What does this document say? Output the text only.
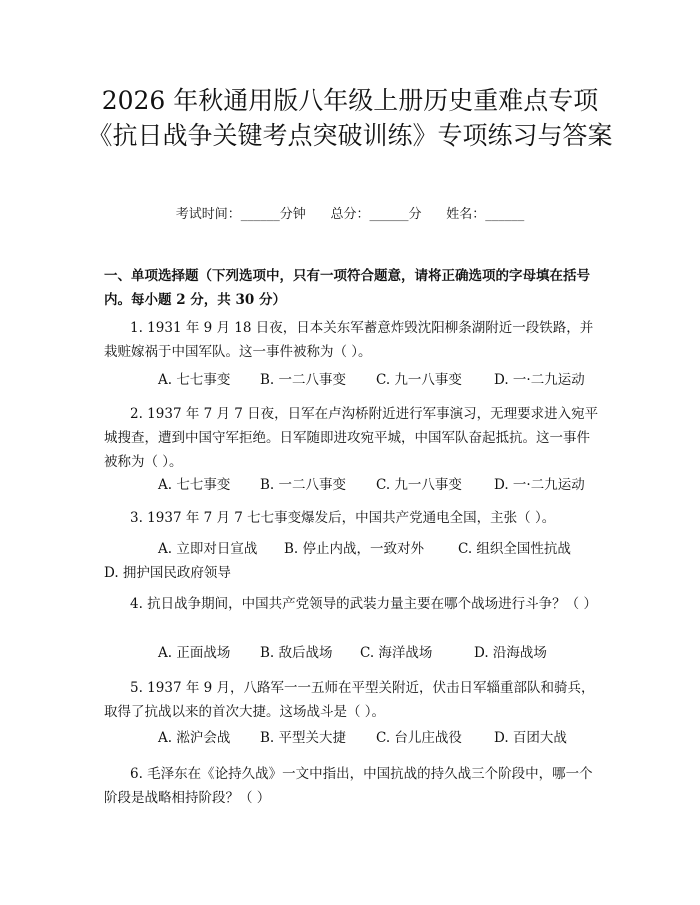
2026 年秋通用版八年级上册历史重难点专项《抗日战争关键考点突破训练》专项练习与答案
考试时间：______分钟      总分：______分      姓名：______

一、单项选择题（下列选项中，只有一项符合题意，请将正确选项的字母填在括号内。每小题 2 分，共 30 分）

1. 1931 年 9 月 18 日夜，日本关东军蓄意炸毁沈阳柳条湖附近一段铁路，并栽赃嫁祸于中国军队。这一事件被称为（ ）。

A. 七七事变 B. 一二八事变 C. 九一八事变 D. 一·二九运动

2. 1937 年 7 月 7 日夜，日军在卢沟桥附近进行军事演习，无理要求进入宛平城搜查，遭到中国守军拒绝。日军随即进攻宛平城，中国军队奋起抵抗。这一事件被称为（ ）。

A. 七七事变 B. 一二八事变 C. 九一八事变 D. 一·二九运动

3. 1937 年 7 月 7 七七事变爆发后，中国共产党通电全国，主张（ ）。

A. 立即对日宣战 B. 停止内战，一致对外	C. 组织全国性抗战
D. 拥护国民政府领导

4. 抗日战争期间，中国共产党领导的武装力量主要在哪个战场进行斗争？（ ）

A. 正面战场 B. 敌后战场 C. 海洋战场	D. 沿海战场

5. 1937 年 9 月，八路军一一五师在平型关附近，伏击日军辎重部队和骑兵，取得了抗战以来的首次大捷。这场战斗是（ ）。

A. 淞沪会战 B. 平型关大捷 C. 台儿庄战役 D. 百团大战

6. 毛泽东在《论持久战》一文中指出，中国抗战的持久战三个阶段中，哪一个阶段是战略相持阶段？（ ）
